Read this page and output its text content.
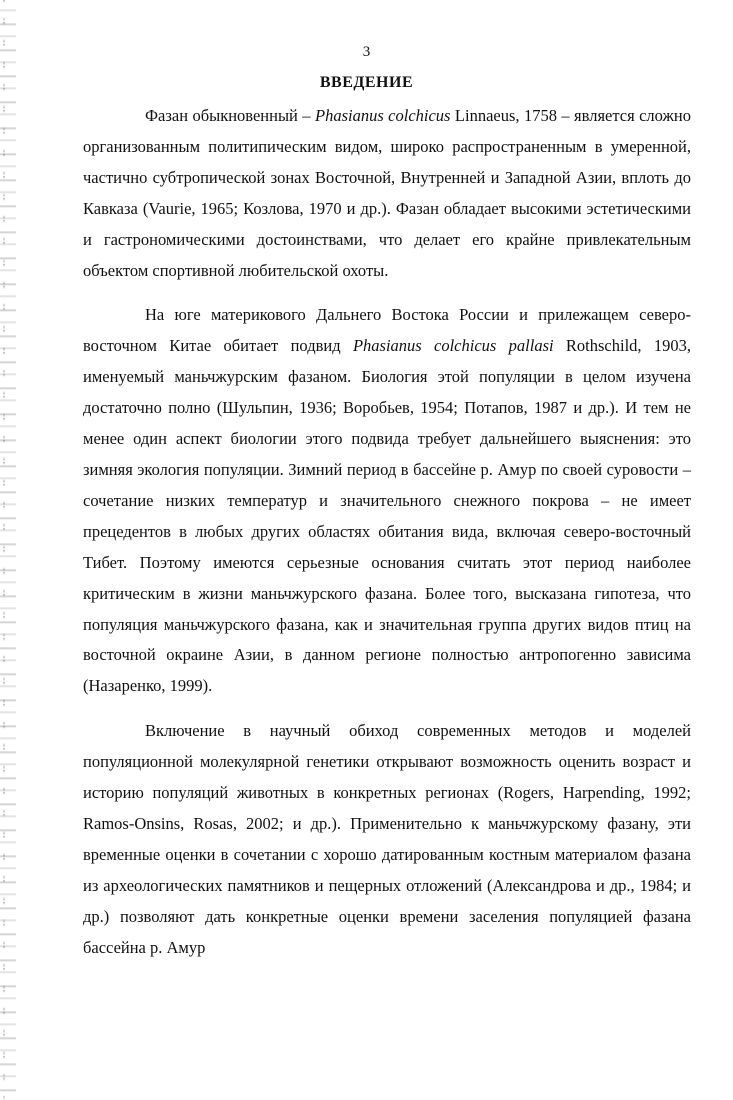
3
ВВЕДЕНИЕ

Фазан обыкновенный – Phasianus colchicus Linnaeus, 1758 – является сложно организованным политипическим видом, широко распространенным в умеренной, частично субтропической зонах Восточной, Внутренней и Западной Азии, вплоть до Кавказа (Vaurie, 1965; Козлова, 1970 и др.). Фазан обладает высокими эстетическими и гастрономическими достоинствами, что делает его крайне привлекательным объектом спортивной любительской охоты.

На юге материкового Дальнего Востока России и прилежащем северо-восточном Китае обитает подвид Phasianus colchicus pallasi Rothschild, 1903, именуемый маньчжурским фазаном. Биология этой популяции в целом изучена достаточно полно (Шульпин, 1936; Воробьев, 1954; Потапов, 1987 и др.). И тем не менее один аспект биологии этого подвида требует дальнейшего выяснения: это зимняя экология популяции. Зимний период в бассейне р. Амур по своей суровости – сочетание низких температур и значительного снежного покрова – не имеет прецедентов в любых других областях обитания вида, включая северо-восточный Тибет. Поэтому имеются серьезные основания считать этот период наиболее критическим в жизни маньчжурского фазана. Более того, высказана гипотеза, что популяция маньчжурского фазана, как и значительная группа других видов птиц на восточной окраине Азии, в данном регионе полностью антропогенно зависима (Назаренко, 1999).

Включение в научный обиход современных методов и моделей популяционной молекулярной генетики открывают возможность оценить возраст и историю популяций животных в конкретных регионах (Rogers, Harpending, 1992; Ramos-Onsins, Rosas, 2002; и др.). Применительно к маньчжурскому фазану, эти временные оценки в сочетании с хорошо датированным костным материалом фазана из археологических памятников и пещерных отложений (Александрова и др., 1984; и др.) позволяют дать конкретные оценки времени заселения популяцией фазана бассейна р. Амур
